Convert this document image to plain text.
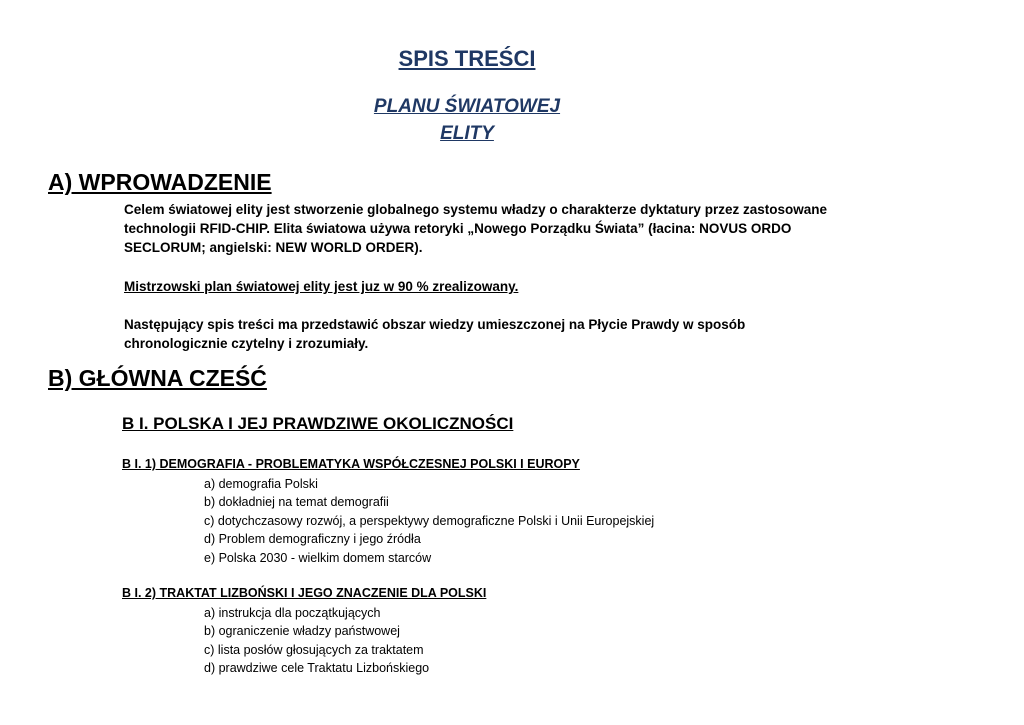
SPIS TREŚCI
PLANU ŚWIATOWEJ
ELITY
A) WPROWADZENIE
Celem światowej elity jest stworzenie globalnego systemu władzy o charakterze dyktatury przez zastosowane technologii RFID-CHIP. Elita światowa używa retoryki „Nowego Porządku Świata” (łacina: NOVUS ORDO SECLORUM; angielski: NEW WORLD ORDER).
Mistrzowski plan światowej elity jest juz w 90 % zrealizowany.
Następujący spis treści ma przedstawić obszar wiedzy umieszczonej na Płycie Prawdy w sposób chronologicznie czytelny i zrozumiały.
B) GŁÓWNA CZEŚĆ
B I. POLSKA I JEJ PRAWDZIWE OKOLICZNOŚCI
B I. 1) DEMOGRAFIA - PROBLEMATYKA WSPÓŁCZESNEJ POLSKI I EUROPY
a) demografia Polski
b) dokładniej na temat demografii
c) dotychczasowy rozwój, a perspektywy demograficzne Polski i Unii Europejskiej
d) Problem demograficzny i jego źródła
e) Polska 2030 - wielkim domem starców
B I. 2) TRAKTAT LIZBOŃSKI I JEGO ZNACZENIE DLA POLSKI
a) instrukcja dla początkujących
b) ograniczenie władzy państwowej
c) lista posłów głosujących za traktatem
d) prawdziwe cele Traktatu Lizbońskiego
